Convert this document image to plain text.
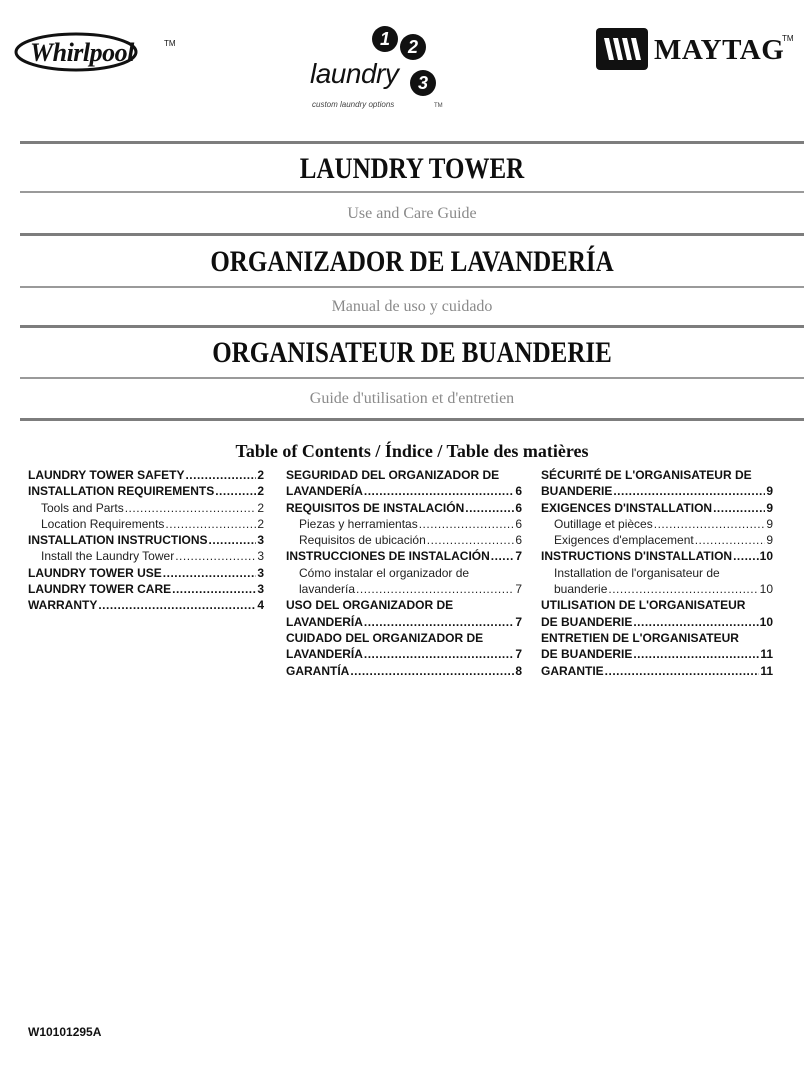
Whirlpool	TM
laundry
1 2
3
custom laundry options	TM
MAYTAG
TM
LAUNDRY TOWER
Use and Care Guide
ORGANIZADOR DE LAVANDERÍA
Manual de uso y cuidado
ORGANISATEUR DE BUANDERIE
Guide d'utilisation et d'entretien
Table of Contents / Índice / Table des matières
LAUNDRY TOWER SAFETY .....	2
INSTALLATION REQUIREMENTS .....	2
Tools and Parts .....	2
Location Requirements .....	2
INSTALLATION INSTRUCTIONS .....	3
Install the Laundry Tower .....	3
LAUNDRY TOWER USE .....	3
LAUNDRY TOWER CARE .....	3
WARRANTY .....	4
SEGURIDAD DEL ORGANIZADOR DE
LAVANDERÍA .....	6
REQUISITOS DE INSTALACIÓN .....	6
Piezas y herramientas .....	6
Requisitos de ubicación .....	6
INSTRUCCIONES DE INSTALACIÓN ..... 7
Cómo instalar el organizador de
lavandería .....	7
USO DEL ORGANIZADOR DE
LAVANDERÍA .....	7
CUIDADO DEL ORGANIZADOR DE
LAVANDERÍA .....	7
GARANTÍA .....	8
SÉCURITÉ DE L'ORGANISATEUR DE
BUANDERIE .....	9
EXIGENCES D'INSTALLATION .....	9
Outillage et pièces .....	9
Exigences d'emplacement .....	9
INSTRUCTIONS D'INSTALLATION ..... 10
Installation de l'organisateur de
buanderie .....	10
UTILISATION DE L'ORGANISATEUR
DE BUANDERIE .....	10
ENTRETIEN DE L'ORGANISATEUR
DE BUANDERIE .....	11
GARANTIE .....	11
W10101295A
